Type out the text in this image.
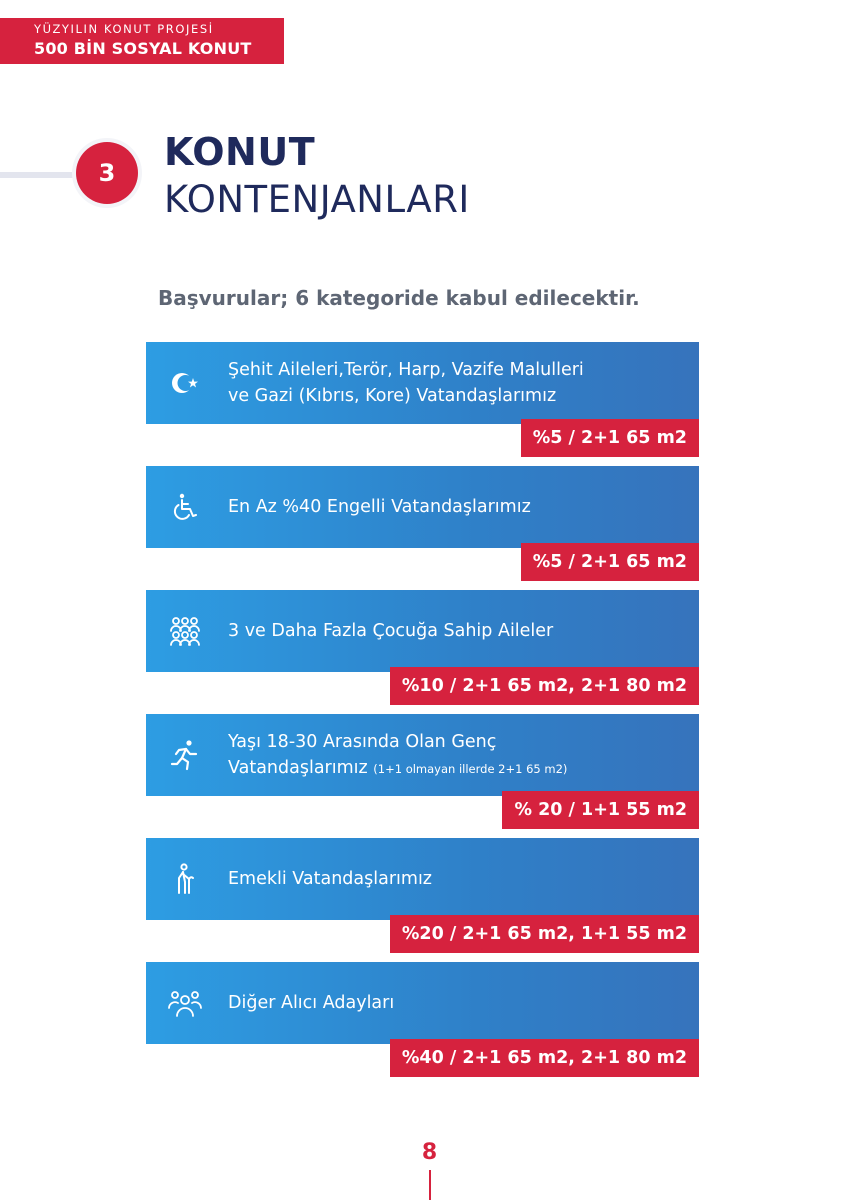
YÜZYILIN KONUT PROJESİ
500 BİN SOSYAL KONUT
3	KONUT
KONTENJANLARI
Başvurular; 6 kategoride kabul edilecektir.
Şehit Aileleri,Terör, Harp, Vazife Malulleri
ve Gazi (Kıbrıs, Kore) Vatandaşlarımız
%5 / 2+1 65 m2
En Az %40 Engelli Vatandaşlarımız
%5 / 2+1 65 m2
3 ve Daha Fazla Çocuğa Sahip Aileler
%10 / 2+1 65 m2, 2+1 80 m2
Yaşı 18-30 Arasında Olan Genç
Vatandaşlarımız (1+1 olmayan illerde 2+1 65 m2)
% 20 / 1+1 55 m2
Emekli Vatandaşlarımız
%20 / 2+1 65 m2, 1+1 55 m2
Diğer Alıcı Adayları
%40 / 2+1 65 m2, 2+1 80 m2
8
